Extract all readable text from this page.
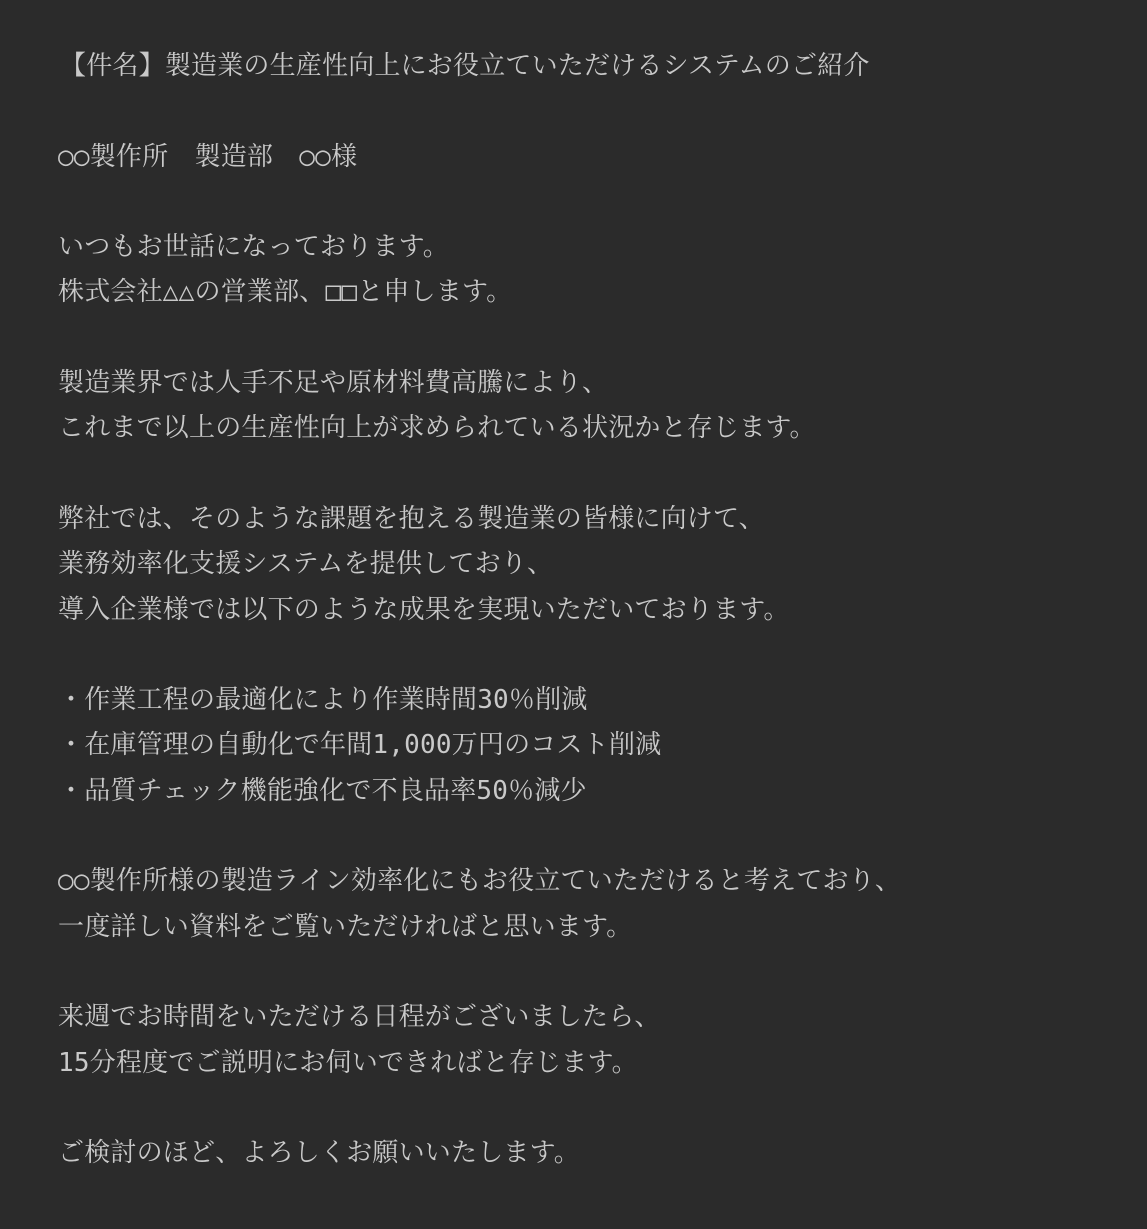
【件名】製造業の生産性向上にお役立ていただけるシステムのご紹介
○○製作所　製造部　○○様
いつもお世話になっております。
株式会社△△の営業部、□□と申します。
製造業界では人手不足や原材料費高騰により、
これまで以上の生産性向上が求められている状況かと存じます。
弊社では、そのような課題を抱える製造業の皆様に向けて、
業務効率化支援システムを提供しており、
導入企業様では以下のような成果を実現いただいております。
・作業工程の最適化により作業時間30％削減
・在庫管理の自動化で年間1,000万円のコスト削減
・品質チェック機能強化で不良品率50％減少
○○製作所様の製造ライン効率化にもお役立ていただけると考えており、
一度詳しい資料をご覧いただければと思います。
来週でお時間をいただける日程がございましたら、
15分程度でご説明にお伺いできればと存じます。
ご検討のほど、よろしくお願いいたします。
